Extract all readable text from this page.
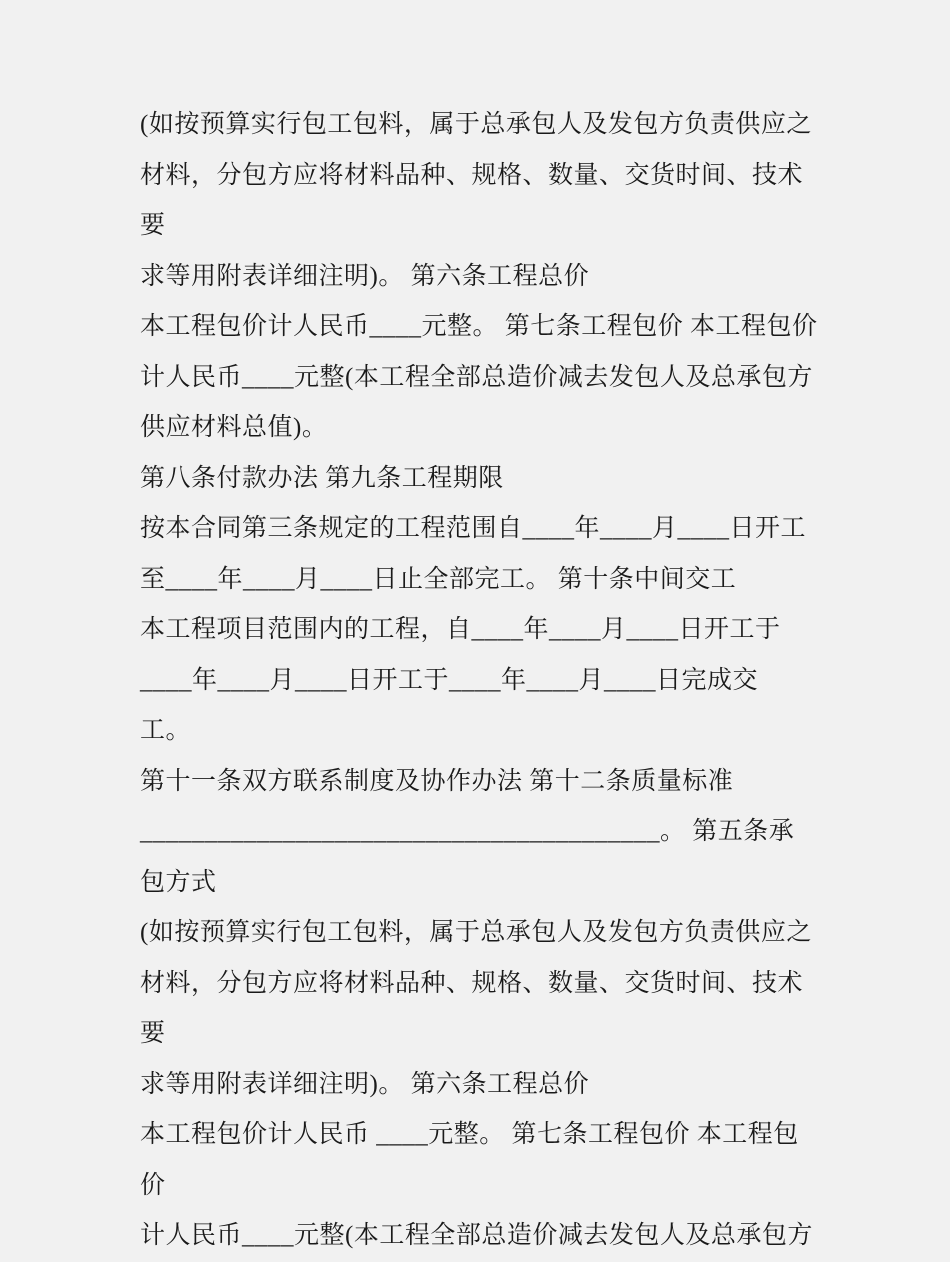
(如按预算实行包工包料，属于总承包人及发包方负责供应之

材料，分包方应将材料品种、规格、数量、交货时间、技术要

求等用附表详细注明)。 第六条工程总价

本工程包价计人民币____元整。 第七条工程包价 本工程包价

计人民币____元整(本工程全部总造价减去发包人及总承包方

供应材料总值)。

第八条付款办法 第九条工程期限

按本合同第三条规定的工程范围自____年____月____日开工

至____年____月____日止全部完工。 第十条中间交工

本工程项目范围内的工程，自____年____月____日开工于

____年____月____日开工于____年____月____日完成交

工。

第十一条双方联系制度及协作办法 第十二条质量标准

________________________________________。 第五条承

包方式

(如按预算实行包工包料，属于总承包人及发包方负责供应之

材料，分包方应将材料品种、规格、数量、交货时间、技术要

求等用附表详细注明)。 第六条工程总价

本工程包价计人民币 ____元整。 第七条工程包价 本工程包价

计人民币____元整(本工程全部总造价减去发包人及总承包方
